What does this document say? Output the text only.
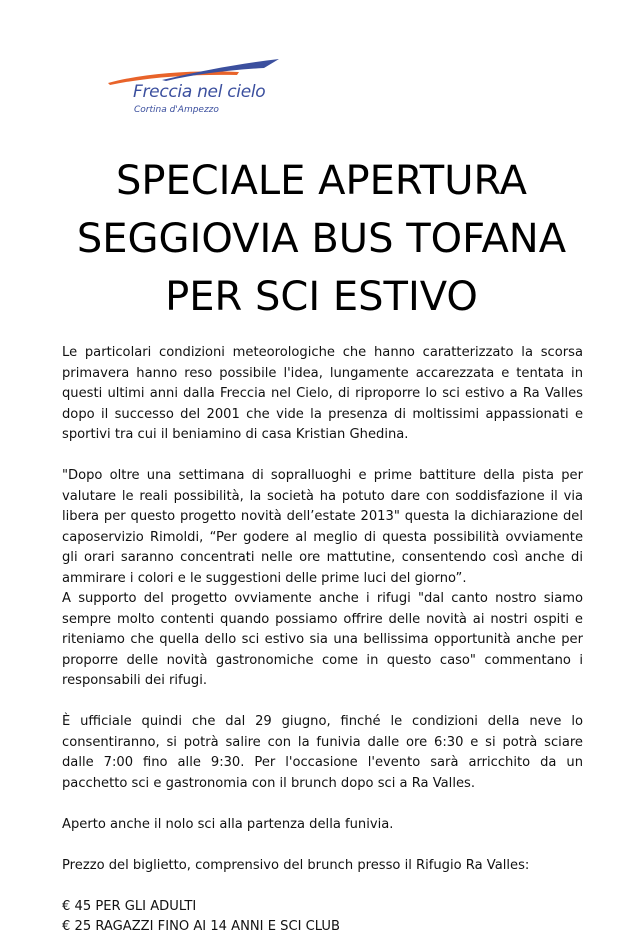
Freccia nel cielo
Cortina d'Ampezzo
SPECIALE APERTURA
SEGGIOVIA BUS TOFANA
PER SCI ESTIVO

Le particolari condizioni meteorologiche che hanno caratterizzato la scorsa primavera hanno reso possibile l'idea, lungamente accarezzata e tentata in questi ultimi anni dalla Freccia nel Cielo, di riproporre lo sci estivo a Ra Valles dopo il successo del 2001 che vide la presenza di moltissimi appassionati e sportivi tra cui il beniamino di casa Kristian Ghedina.

"Dopo oltre una settimana di sopralluoghi e prime battiture della pista per valutare le reali possibilità, la società ha potuto dare con soddisfazione il via libera per questo progetto novità dell’estate 2013" questa la dichiarazione del caposervizio Rimoldi, “Per godere al meglio di questa possibilità ovviamente gli orari saranno concentrati nelle ore mattutine, consentendo così anche di ammirare i colori e le suggestioni delle prime luci del giorno”.

A supporto del progetto ovviamente anche i rifugi "dal canto nostro siamo sempre molto contenti quando possiamo offrire delle novità ai nostri ospiti e riteniamo che quella dello sci estivo sia una bellissima opportunità anche per proporre delle novità gastronomiche come in questo caso" commentano i responsabili dei rifugi.

È ufficiale quindi che dal 29 giugno, finché le condizioni della neve lo consentiranno, si potrà salire con la funivia dalle ore 6:30 e si potrà sciare dalle 7:00 fino alle 9:30. Per l'occasione l'evento sarà arricchito da un pacchetto sci e gastronomia con il brunch dopo sci a Ra Valles.

Aperto anche il nolo sci alla partenza della funivia.

Prezzo del biglietto, comprensivo del brunch presso il Rifugio Ra Valles:

€ 45 PER GLI ADULTI

€ 25 RAGAZZI FINO AI 14 ANNI E SCI CLUB
